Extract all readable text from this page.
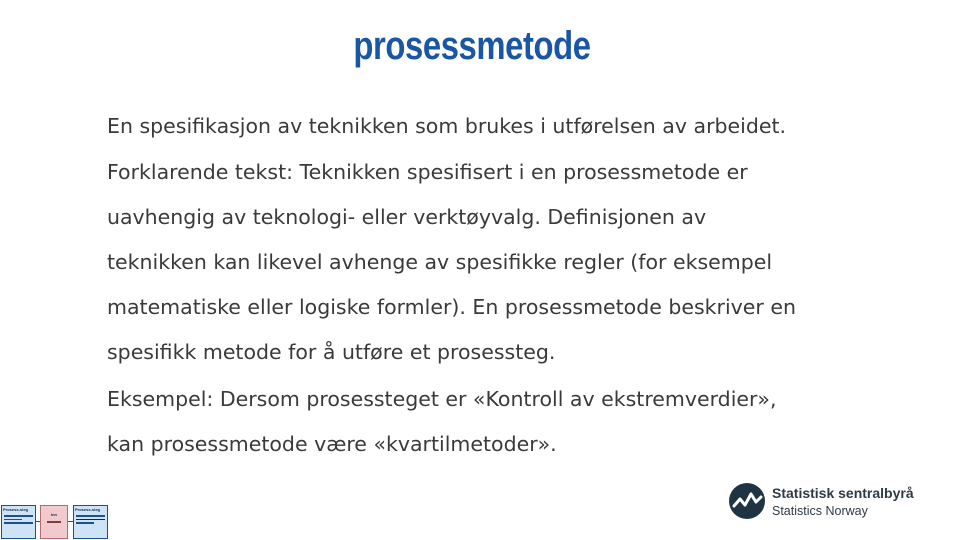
prosessmetode

En spesifikasjon av teknikken som brukes i utførelsen av arbeidet.

Forklarende tekst: Teknikken spesifisert i en prosessmetode er
uavhengig av teknologi- eller verktøyvalg. Definisjonen av
teknikken kan likevel avhenge av spesifikke regler (for eksempel
matematiske eller logiske formler). En prosessmetode beskriver en
spesifikk metode for å utføre et prosessteg.

Eksempel: Dersom prosessteget er «Kontroll av ekstremverdier»,
kan prosessmetode være «kvartilmetoder».

Prosess-steg
Inn
Prosess-steg
Statistisk sentralbyrå
Statistics Norway
